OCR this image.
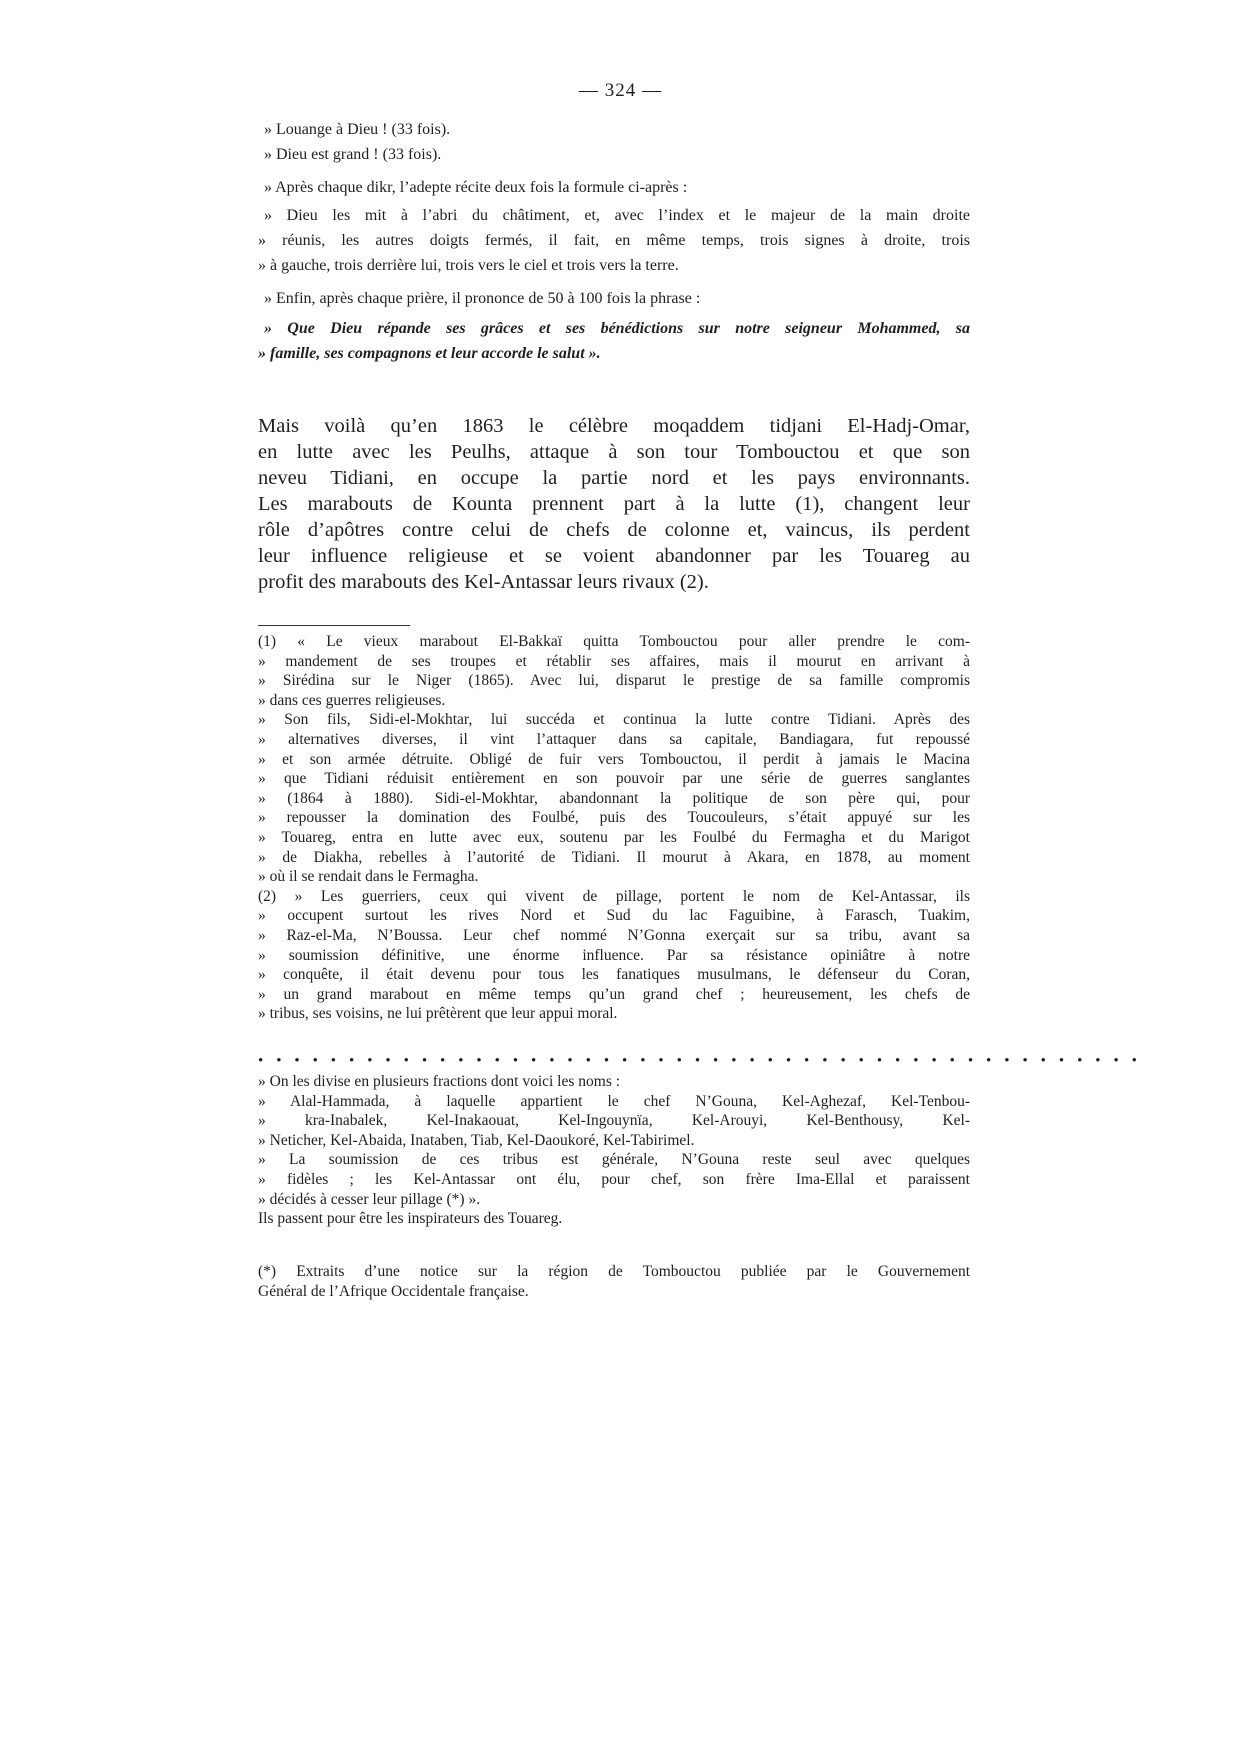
— 324 —
» Louange à Dieu ! (33 fois).
» Dieu est grand ! (33 fois).
» Après chaque dikr, l’adepte récite deux fois la formule ci-après :
» Dieu les mit à l’abri du châtiment, et, avec l’index et le majeur de la main droite
» réunis, les autres doigts fermés, il fait, en même temps, trois signes à droite, trois
» à gauche, trois derrière lui, trois vers le ciel et trois vers la terre.
» Enfin, après chaque prière, il prononce de 50 à 100 fois la phrase :
» Que Dieu répande ses grâces et ses bénédictions sur notre seigneur Mohammed, sa
» famille, ses compagnons et leur accorde le salut ».
Mais voilà qu’en 1863 le célèbre moqaddem tidjani El-Hadj-Omar,
en lutte avec les Peulhs, attaque à son tour Tombouctou et que son
neveu Tidiani, en occupe la partie nord et les pays environnants.
Les marabouts de Kounta prennent part à la lutte (1), changent leur
rôle d’apôtres contre celui de chefs de colonne et, vaincus, ils perdent
leur influence religieuse et se voient abandonner par les Touareg au
profit des marabouts des Kel-Antassar leurs rivaux (2).
(1) « Le vieux marabout El-Bakkaï quitta Tombouctou pour aller prendre le com-
» mandement de ses troupes et rétablir ses affaires, mais il mourut en arrivant à
» Sirédina sur le Niger (1865). Avec lui, disparut le prestige de sa famille compromis
» dans ces guerres religieuses.
» Son fils, Sidi-el-Mokhtar, lui succéda et continua la lutte contre Tidiani. Après des
» alternatives diverses, il vint l’attaquer dans sa capitale, Bandiagara, fut repoussé
» et son armée détruite. Obligé de fuir vers Tombouctou, il perdit à jamais le Macina
» que Tidiani réduisit entièrement en son pouvoir par une série de guerres sanglantes
» (1864 à 1880). Sidi-el-Mokhtar, abandonnant la politique de son père qui, pour
» repousser la domination des Foulbé, puis des Toucouleurs, s’était appuyé sur les
» Touareg, entra en lutte avec eux, soutenu par les Foulbé du Fermagha et du Marigot
» de Diakha, rebelles à l’autorité de Tidiani. Il mourut à Akara, en 1878, au moment
» où il se rendait dans le Fermagha.
(2) » Les guerriers, ceux qui vivent de pillage, portent le nom de Kel-Antassar, ils
» occupent surtout les rives Nord et Sud du lac Faguibine, à Farasch, Tuakim,
» Raz-el-Ma, N’Boussa. Leur chef nommé N’Gonna exerçait sur sa tribu, avant sa
» soumission définitive, une énorme influence. Par sa résistance opiniâtre à notre
» conquête, il était devenu pour tous les fanatiques musulmans, le défenseur du Coran,
» un grand marabout en même temps qu’un grand chef ; heureusement, les chefs de
» tribus, ses voisins, ne lui prêtèrent que leur appui moral.
• • • • • • • • • • • • • • • • • • • • • • • • • • • • • • • • • • • • • • • • • • • • • • • • •
» On les divise en plusieurs fractions dont voici les noms :
» Alal-Hammada, à laquelle appartient le chef N’Gouna, Kel-Aghezaf, Kel-Tenbou-
» kra-Inabalek, Kel-Inakaouat, Kel-Ingouynïa, Kel-Arouyi, Kel-Benthousy, Kel-
» Neticher, Kel-Abaida, Inataben, Tiab, Kel-Daoukoré, Kel-Tabirimel.
» La soumission de ces tribus est générale, N’Gouna reste seul avec quelques
» fidèles ; les Kel-Antassar ont élu, pour chef, son frère Ima-Ellal et paraissent
» décidés à cesser leur pillage (*) ».
Ils passent pour être les inspirateurs des Touareg.
(*) Extraits d’une notice sur la région de Tombouctou publiée par le Gouvernement
Général de l’Afrique Occidentale française.
